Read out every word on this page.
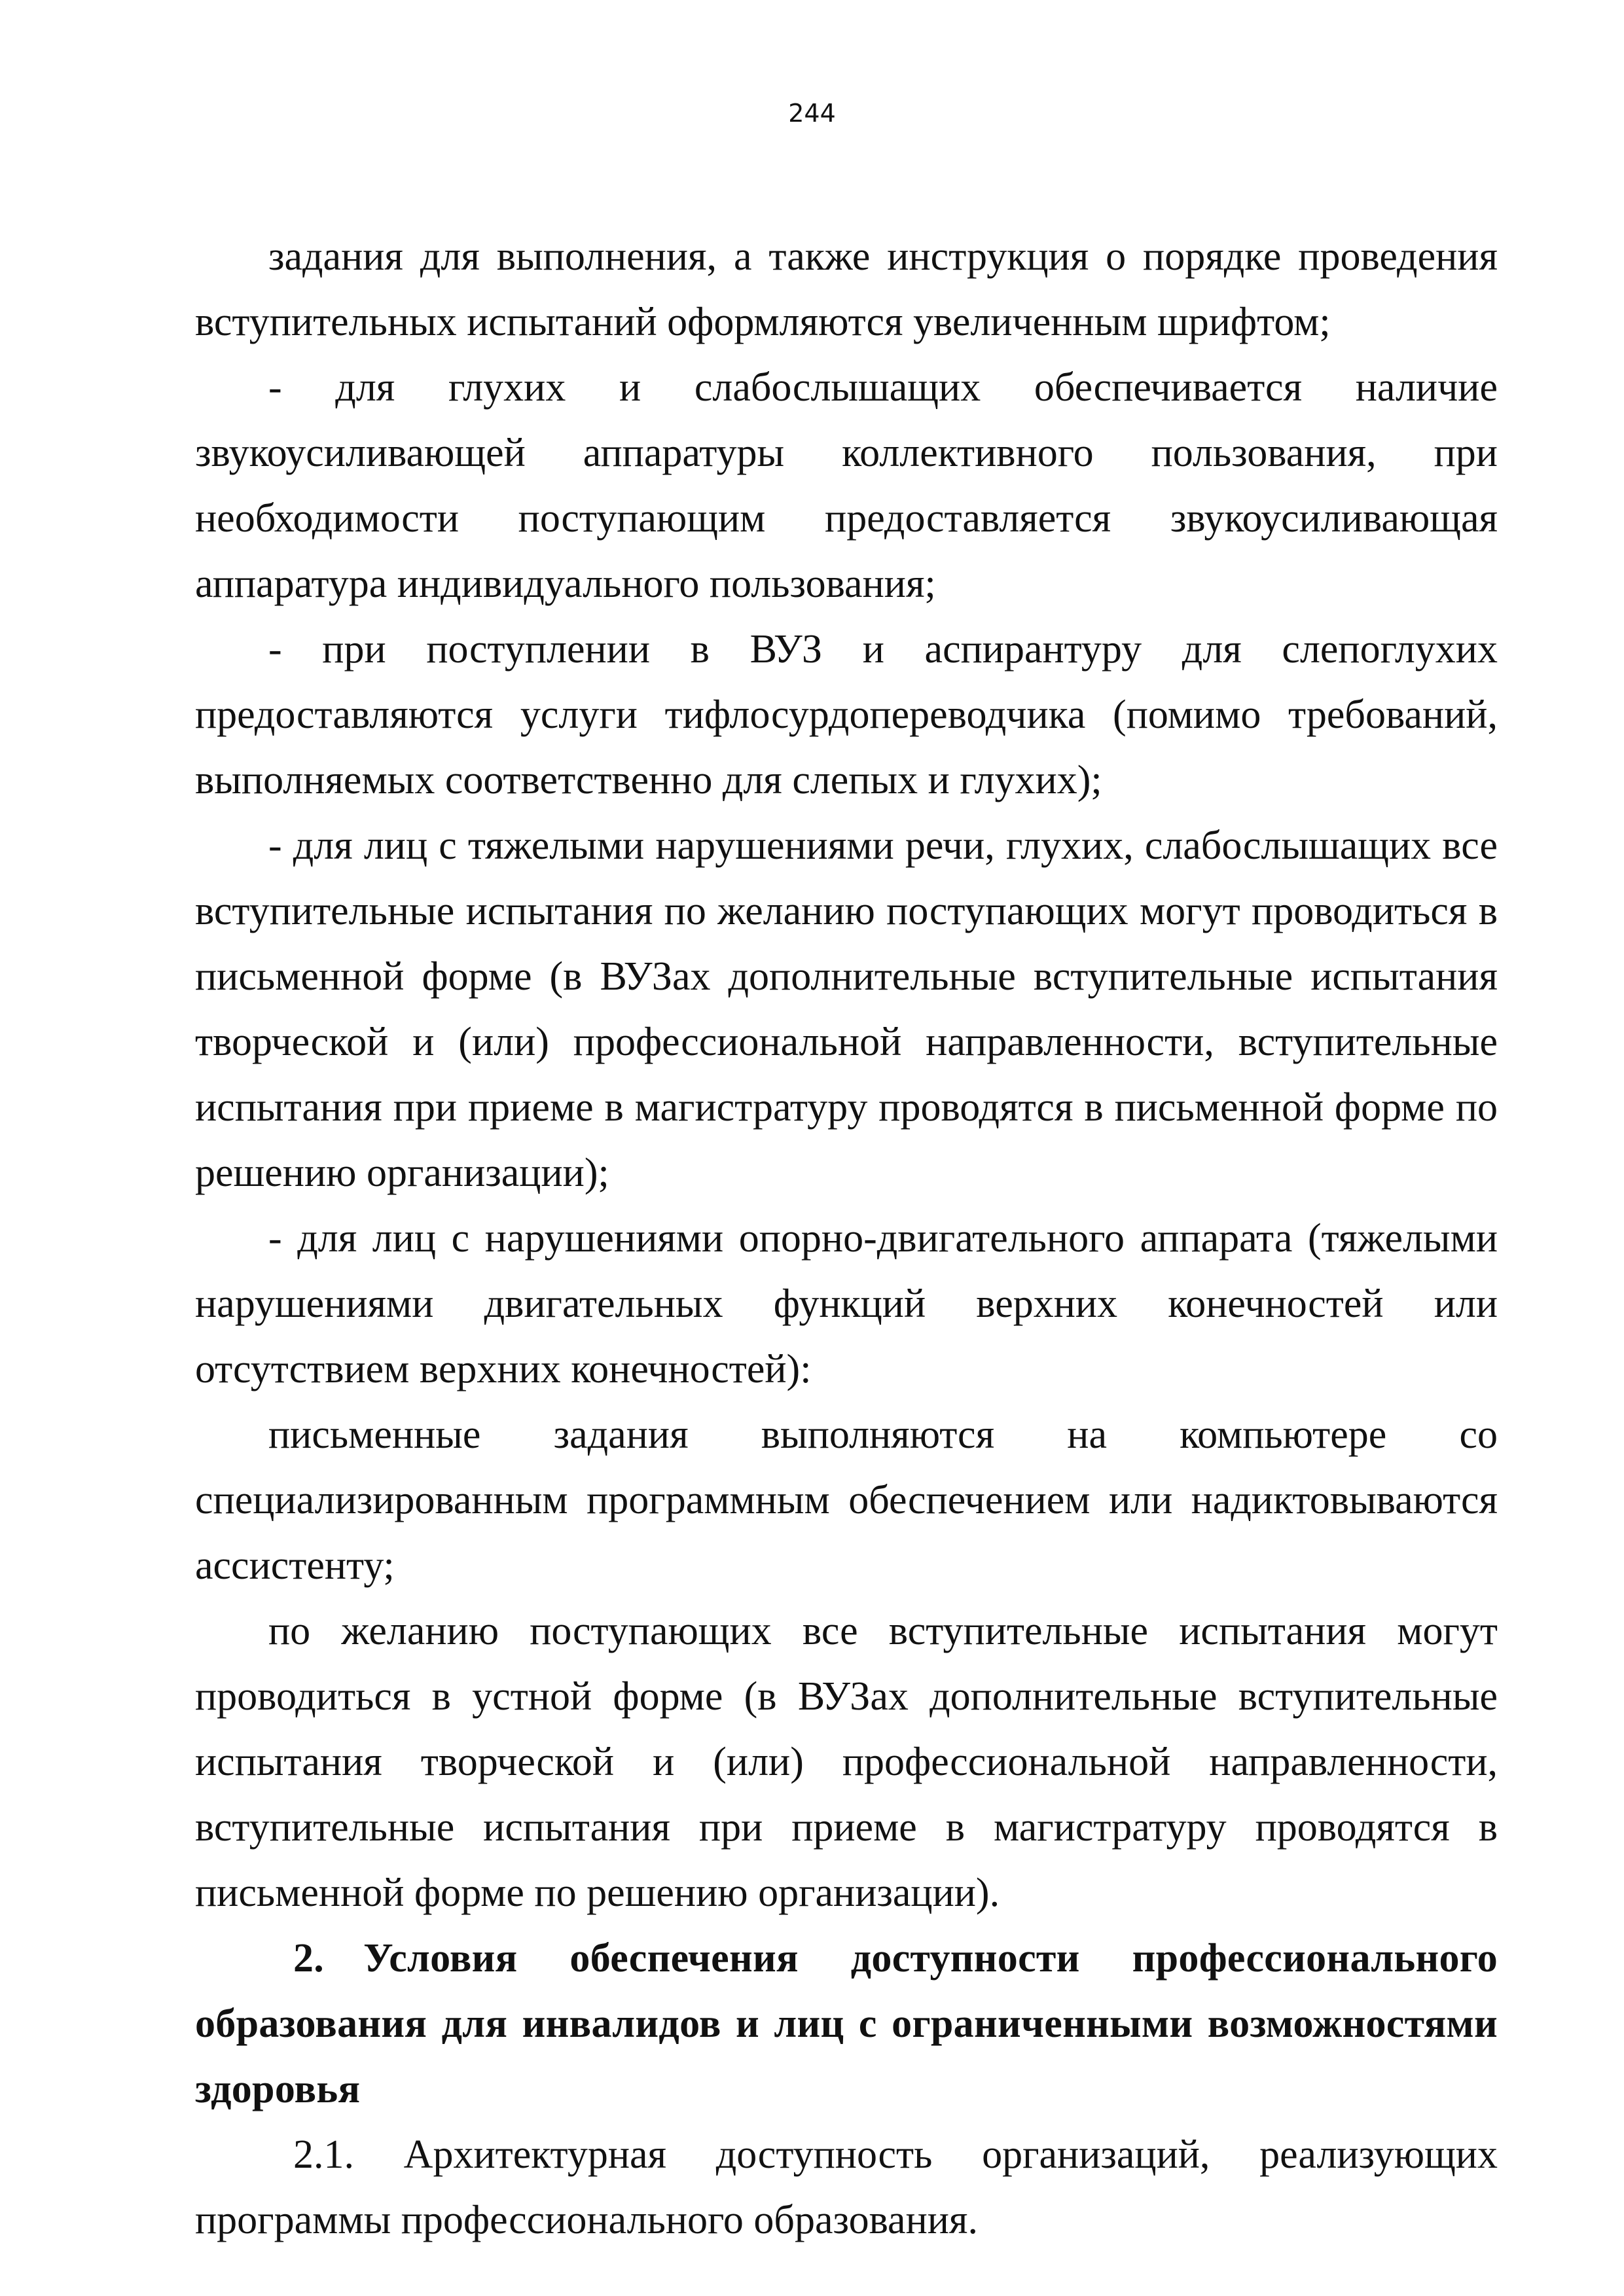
244

задания для выполнения, а также инструкция о порядке проведения вступительных испытаний оформляются увеличенным шрифтом;

- для глухих и слабослышащих обеспечивается наличие звукоусиливающей аппаратуры коллективного пользования, при необходимости поступающим предоставляется звукоусиливающая аппаратура индивидуального пользования;

- при поступлении в ВУЗ и аспирантуру для слепоглухих предоставляются услуги тифлосурдопереводчика (помимо требований, выполняемых соответственно для слепых и глухих);

- для лиц с тяжелыми нарушениями речи, глухих, слабослышащих все вступительные испытания по желанию поступающих могут проводиться в письменной форме (в ВУЗах дополнительные вступительные испытания творческой и (или) профессиональной направленности, вступительные испытания при приеме в магистратуру проводятся в письменной форме по решению организации);

- для лиц с нарушениями опорно-двигательного аппарата (тяжелыми нарушениями двигательных функций верхних конечностей или отсутствием верхних конечностей):

письменные задания выполняются на компьютере со специализированным программным обеспечением или надиктовываются ассистенту;

по желанию поступающих все вступительные испытания могут проводиться в устной форме (в ВУЗах дополнительные вступительные испытания творческой и (или) профессиональной направленности, вступительные испытания при приеме в магистратуру проводятся в письменной форме по решению организации).

2. Условия обеспечения доступности профессионального образования для инвалидов и лиц с ограниченными возможностями здоровья

2.1. Архитектурная доступность организаций, реализующих программы профессионального образования.
